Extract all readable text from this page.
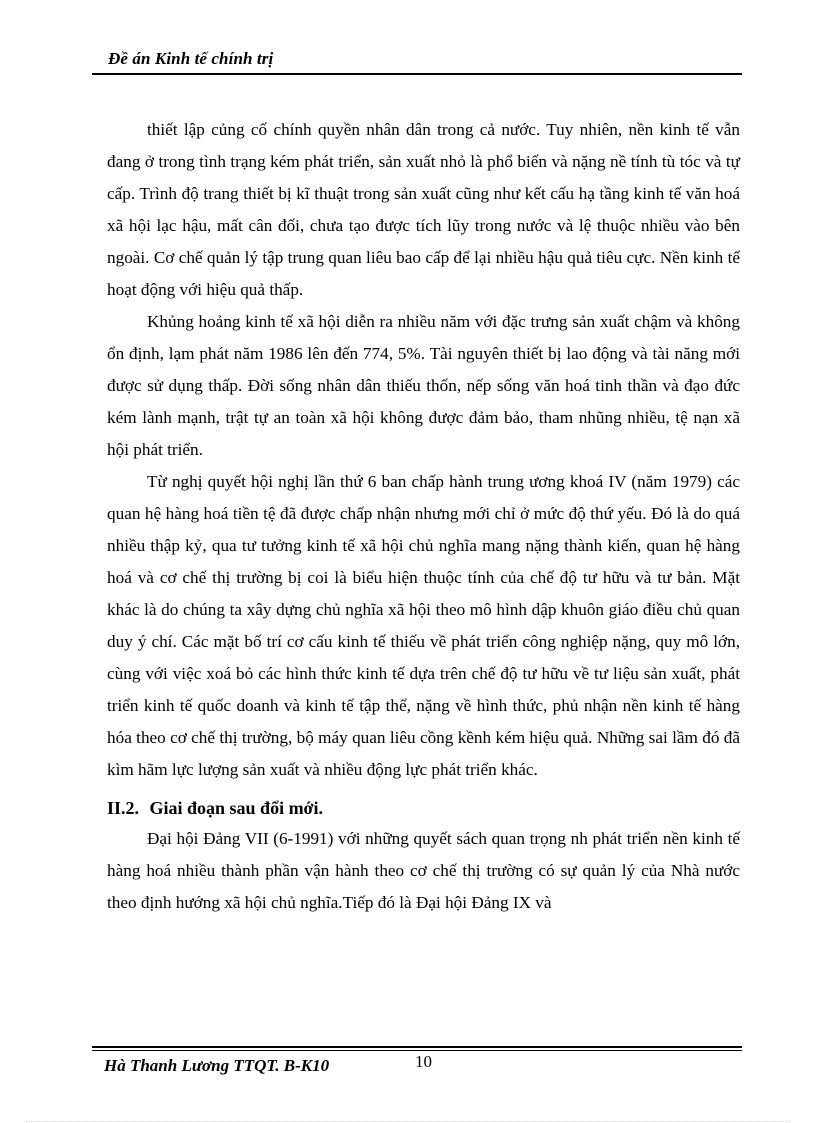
Đề án Kinh tế chính trị

thiết lập củng cố chính quyền nhân dân trong cả nước. Tuy nhiên, nền kinh tế vẫn đang ở trong tình trạng kém phát triển, sản xuất nhỏ là phổ biến và nặng nề tính tù tóc và tự cấp. Trình độ trang thiết bị kĩ thuật trong sản xuất cũng như kết cấu hạ tầng kinh tế văn hoá xã hội lạc hậu, mất cân đối, chưa tạo được tích lũy trong nước và lệ thuộc nhiều vào bên ngoài. Cơ chế quản lý tập trung quan liêu bao cấp để lại nhiều hậu quả tiêu cực. Nền kinh tế hoạt động với hiệu quả thấp.

Khủng hoảng kinh tế xã hội diễn ra nhiều năm với đặc trưng sản xuất chậm và không ổn định, lạm phát năm 1986 lên đến 774, 5%. Tài nguyên thiết bị lao động và tài năng mới được sử dụng thấp. Đời sống nhân dân thiếu thốn, nếp sống văn hoá tinh thần và đạo đức kém lành mạnh, trật tự an toàn xã hội không được đảm bảo, tham nhũng nhiều, tệ nạn xã hội phát triển.

Từ nghị quyết hội nghị lần thứ 6 ban chấp hành trung ương khoá IV (năm 1979) các quan hệ hàng hoá tiền tệ đã được chấp nhận nhưng mới chỉ ở mức độ thứ yếu. Đó là do quá nhiều thập kỷ, qua tư tưởng kinh tế xã hội chủ nghĩa mang nặng thành kiến, quan hệ hàng hoá và cơ chế thị trường bị coi là biểu hiện thuộc tính của chế độ tư hữu và tư bản. Mặt khác là do chúng ta xây dựng chủ nghĩa xã hội theo mô hình dập khuôn giáo điều chủ quan duy ý chí. Các mặt bố trí cơ cấu kinh tế thiếu về phát triển công nghiệp nặng, quy mô lớn, cùng với việc xoá bỏ các hình thức kinh tế dựa trên chế độ tư hữu về tư liệu sản xuất, phát triển kinh tế quốc doanh và kinh tế tập thể, nặng về hình thức, phủ nhận nền kinh tế hàng hóa theo cơ chế thị trường, bộ máy quan liêu cồng kềnh kém hiệu quả. Những sai lầm đó đã kìm hãm lực lượng sản xuất và nhiều động lực phát triển khác.

II.2. Giai đoạn sau đổi mới.

Đại hội Đảng VII (6-1991) với những quyết sách quan trọng nh phát triển nền kinh tế hàng hoá nhiều thành phần vận hành theo cơ chế thị trường có sự quản lý của Nhà nước theo định hướng xã hội chủ nghĩa.Tiếp đó là Đại hội Đảng IX và

Hà Thanh Lương TTQT. B-K10	10
